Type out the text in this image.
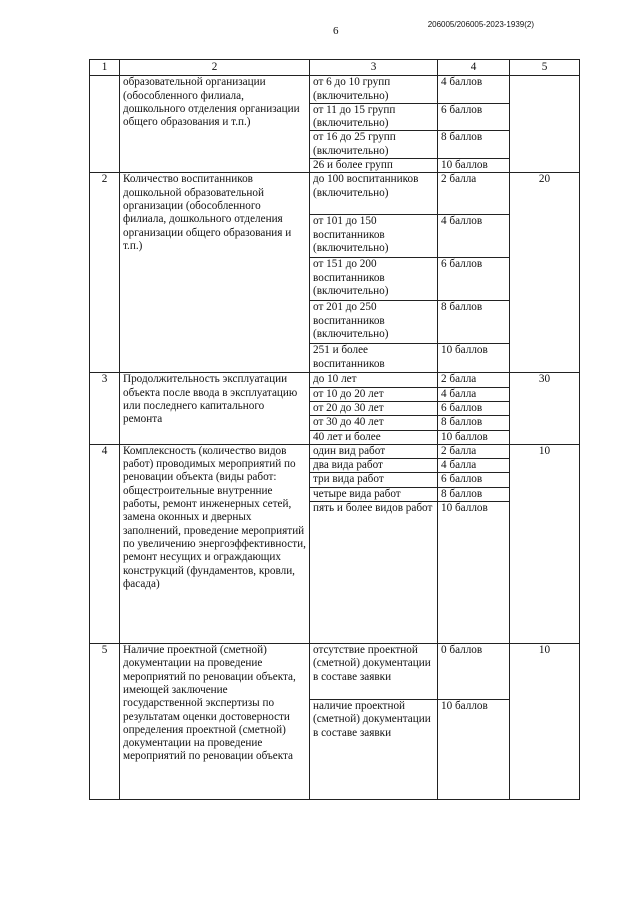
206005/206005-2023-1939(2)
6
1	2	3	4	5
	образовательной организации (обособленного филиала, дошкольного отделения организации общего образования и т.п.)	от 6 до 10 групп (включительно)	4 баллов	
		от 11 до 15 групп (включительно)	6 баллов	
		от 16 до 25 групп (включительно)	8 баллов	
		26 и более групп	10 баллов	
2	Количество воспитанников дошкольной образовательной организации (обособленного филиала, дошкольного отделения организации общего образования и т.п.)	до 100 воспитанников (включительно)	2 балла	20
		от 101 до 150 воспитанников (включительно)	4 баллов	
		от 151 до 200 воспитанников (включительно)	6 баллов	
		от 201 до 250 воспитанников (включительно)	8 баллов	
		251 и более воспитанников	10 баллов	
3	Продолжительность эксплуатации объекта после ввода в эксплуатацию или последнего капитального ремонта	до 10 лет	2 балла	30
		от 10 до 20 лет	4 балла	
		от 20 до 30 лет	6 баллов	
		от 30 до 40 лет	8 баллов	
		40 лет и более	10 баллов	
4	Комплексность (количество видов работ) проводимых мероприятий по реновации объекта (виды работ: общестроительные внутренние работы, ремонт инженерных сетей, замена оконных и дверных заполнений, проведение мероприятий по увеличению энергоэффективности, ремонт несущих и ограждающих конструкций (фундаментов, кровли, фасада)	один вид работ	2 балла	10
		два вида работ	4 балла	
		три вида работ	6 баллов	
		четыре вида работ	8 баллов	
		пять и более видов работ	10 баллов	
5	Наличие проектной (сметной) документации на проведение мероприятий по реновации объекта, имеющей заключение государственной экспертизы по результатам оценки достоверности определения проектной (сметной) документации на проведение мероприятий по реновации объекта	отсутствие проектной (сметной) документации в составе заявки	0 баллов	10
		наличие проектной (сметной) документации в составе заявки	10 баллов	
